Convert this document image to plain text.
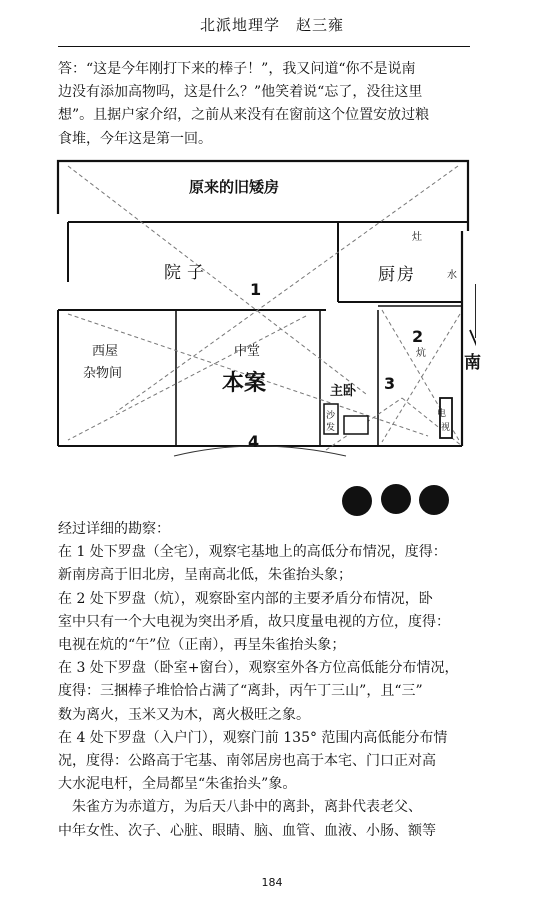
北派地理学　赵三雍

答：“这是今年刚打下来的棒子！”，我又问道“你不是说南
边没有添加高物吗，这是什么？”他笑着说“忘了，没往这里
想”。且据户家介绍，之前从来没有在窗前这个位置安放过粮
食堆，今年这是第一回。

原来的旧矮房
院子	厨房
灶
水
1
西屋
杂物间
中堂
本案	主卧
2
炕
3
电
视
沙
发
4
南

经过详细的勘察：
在 1 处下罗盘（全宅），观察宅基地上的高低分布情况，度得：
新南房高于旧北房，呈南高北低，朱雀抬头象；
在 2 处下罗盘（炕），观察卧室内部的主要矛盾分布情况，卧
室中只有一个大电视为突出矛盾，故只度量电视的方位，度得：
电视在炕的“午”位（正南），再呈朱雀抬头象；
在 3 处下罗盘（卧室+窗台），观察室外各方位高低能分布情况，
度得：三捆棒子堆恰恰占满了“离卦，丙午丁三山”，且“三”
数为离火，玉米又为木，离火极旺之象。
在 4 处下罗盘（入户门），观察门前 135° 范围内高低能分布情
况，度得：公路高于宅基、南邻居房也高于本宅、门口正对高
大水泥电杆，全局都呈“朱雀抬头”象。
　朱雀方为赤道方，为后天八卦中的离卦，离卦代表老父、
中年女性、次子、心脏、眼睛、脑、血管、血液、小肠、额等

184
